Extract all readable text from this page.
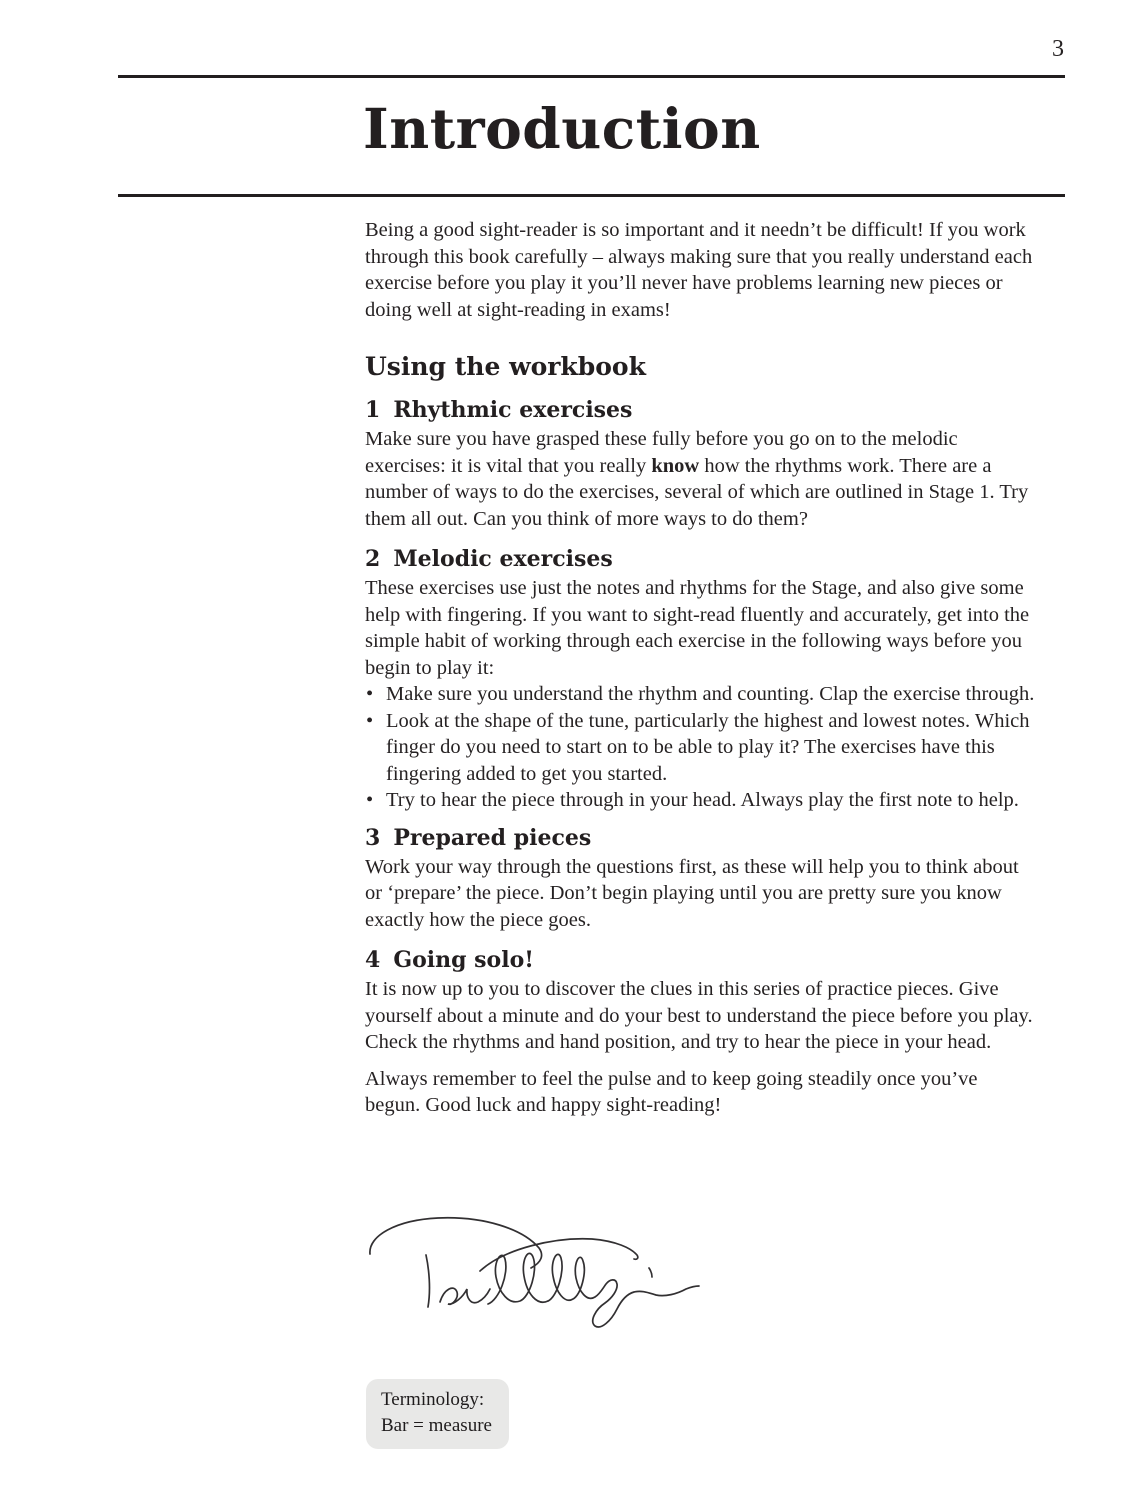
3
Introduction

Being a good sight-reader is so important and it needn’t be difficult! If you work through this book carefully – always making sure that you really understand each exercise before you play it you’ll never have problems learning new pieces or doing well at sight-reading in exams!

Using the workbook
1 Rhythmic exercises

Make sure you have grasped these fully before you go on to the melodic exercises: it is vital that you really know how the rhythms work. There are a number of ways to do the exercises, several of which are outlined in Stage 1. Try them all out. Can you think of more ways to do them?

2 Melodic exercises

These exercises use just the notes and rhythms for the Stage, and also give some help with fingering. If you want to sight-read fluently and accurately, get into the simple habit of working through each exercise in the following ways before you begin to play it:

• Make sure you understand the rhythm and counting. Clap the exercise through.
• Look at the shape of the tune, particularly the highest and lowest notes. Which finger do you need to start on to be able to play it? The exercises have this fingering added to get you started.
• Try to hear the piece through in your head. Always play the first note to help.
3 Prepared pieces

Work your way through the questions first, as these will help you to think about or ‘prepare’ the piece. Don’t begin playing until you are pretty sure you know exactly how the piece goes.

4 Going solo!

It is now up to you to discover the clues in this series of practice pieces. Give yourself about a minute and do your best to understand the piece before you play. Check the rhythms and hand position, and try to hear the piece in your head.

Always remember to feel the pulse and to keep going steadily once you’ve begun. Good luck and happy sight-reading!

Terminology:
Bar = measure
